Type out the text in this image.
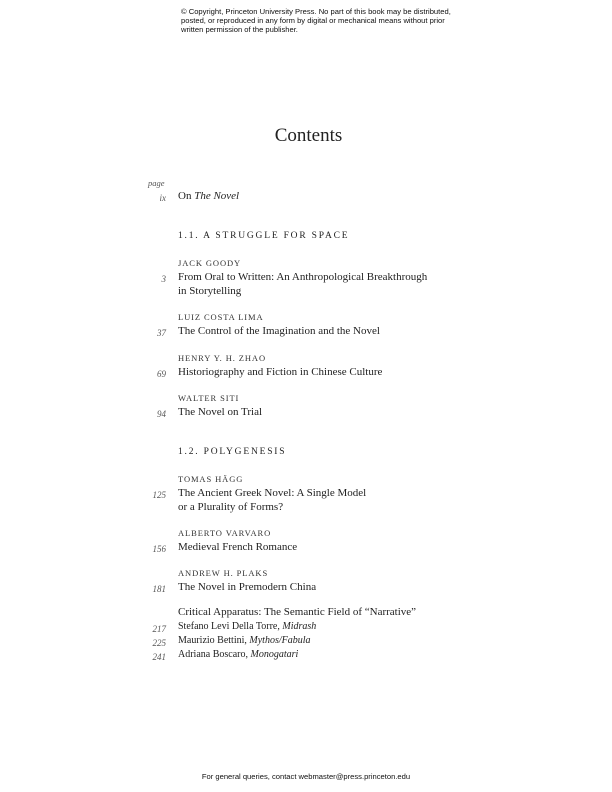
© Copyright, Princeton University Press. No part of this book may be distributed, posted, or reproduced in any form by digital or mechanical means without prior written permission of the publisher.
Contents
page
ix On The Novel
1.1. A STRUGGLE FOR SPACE
JACK GOODY
3 From Oral to Written: An Anthropological Breakthrough
in Storytelling
LUIZ COSTA LIMA
37 The Control of the Imagination and the Novel
HENRY Y. H. ZHAO
69 Historiography and Fiction in Chinese Culture
WALTER SITI
94 The Novel on Trial
1.2. POLYGENESIS
TOMAS HÄGG
125 The Ancient Greek Novel: A Single Model
or a Plurality of Forms?
ALBERTO VARVARO
156 Medieval French Romance
ANDREW H. PLAKS
181 The Novel in Premodern China
Critical Apparatus: The Semantic Field of “Narrative”
217 Stefano Levi Della Torre, Midrash
225 Maurizio Bettini, Mythos/Fabula
241 Adriana Boscaro, Monogatari
For general queries, contact webmaster@press.princeton.edu
